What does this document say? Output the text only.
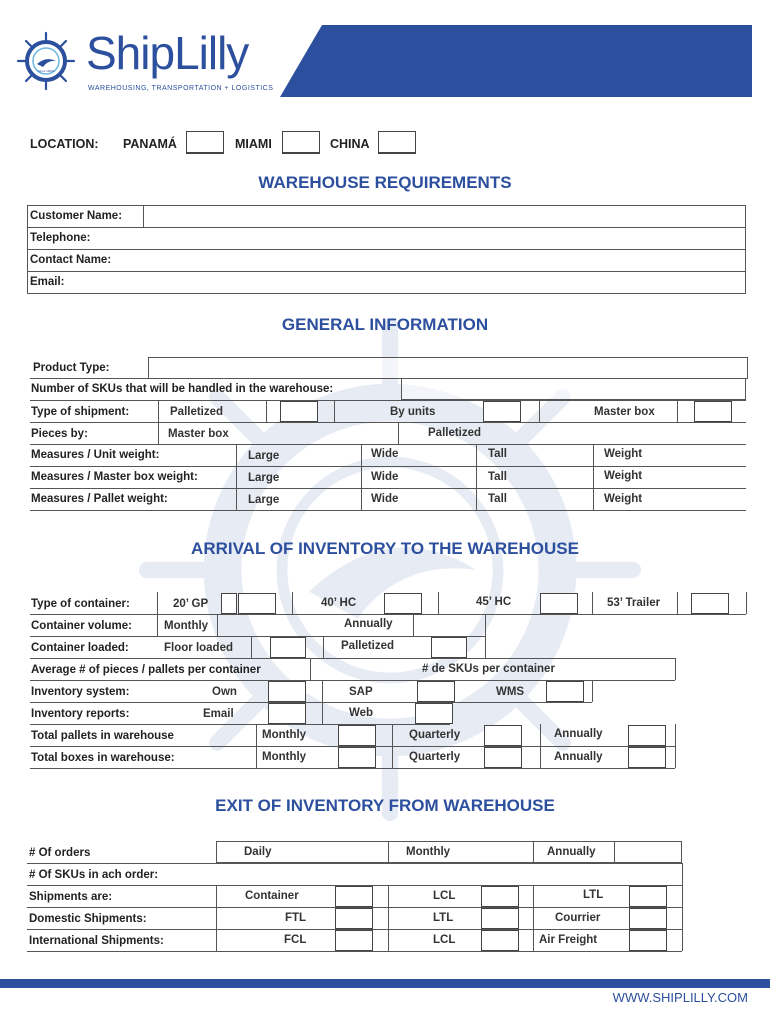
Since 1960s ShipLilly
WAREHOUSING, TRANSPORTATION + LOGISTICS
LOCATION: PANAMÁ	MIAMI	CHINA
WAREHOUSE REQUIREMENTS
Customer Name:
Telephone:
Contact Name:
Email:
GENERAL INFORMATION
Product Type:
Number of SKUs that will be handled in the warehouse:
Type of shipment:	Palletized	By units	Master box
Pieces by:	Master box	Palletized
Measures / Unit weight:	Large	Wide	Tall	Weight
Measures / Master box weight:	Large	Wide	Tall	Weight
Measures / Pallet weight:	Large	Wide	Tall	Weight
ARRIVAL OF INVENTORY TO THE WAREHOUSE
Type of container:	20’ GP	40’ HC	45’ HC	53’ Trailer
Container volume:	Monthly	Annually
Container loaded:	Floor loaded	Palletized
Average # of pieces / pallets per container	# de SKUs per container
Inventory system:	Own	SAP	WMS
Inventory reports:	Email	Web
Total pallets in warehouse	Monthly	Quarterly	Annually
Total boxes in warehouse:	Monthly	Quarterly	Annually
EXIT OF INVENTORY FROM WAREHOUSE
# Of orders	Daily	Monthly	Annually
# Of SKUs in ach order:
Shipments are:	Container	LCL	LTL
Domestic Shipments:	FTL	LTL	Courrier
International Shipments:	FCL	LCL	Air Freight
WWW.SHIPLILLY.COM
